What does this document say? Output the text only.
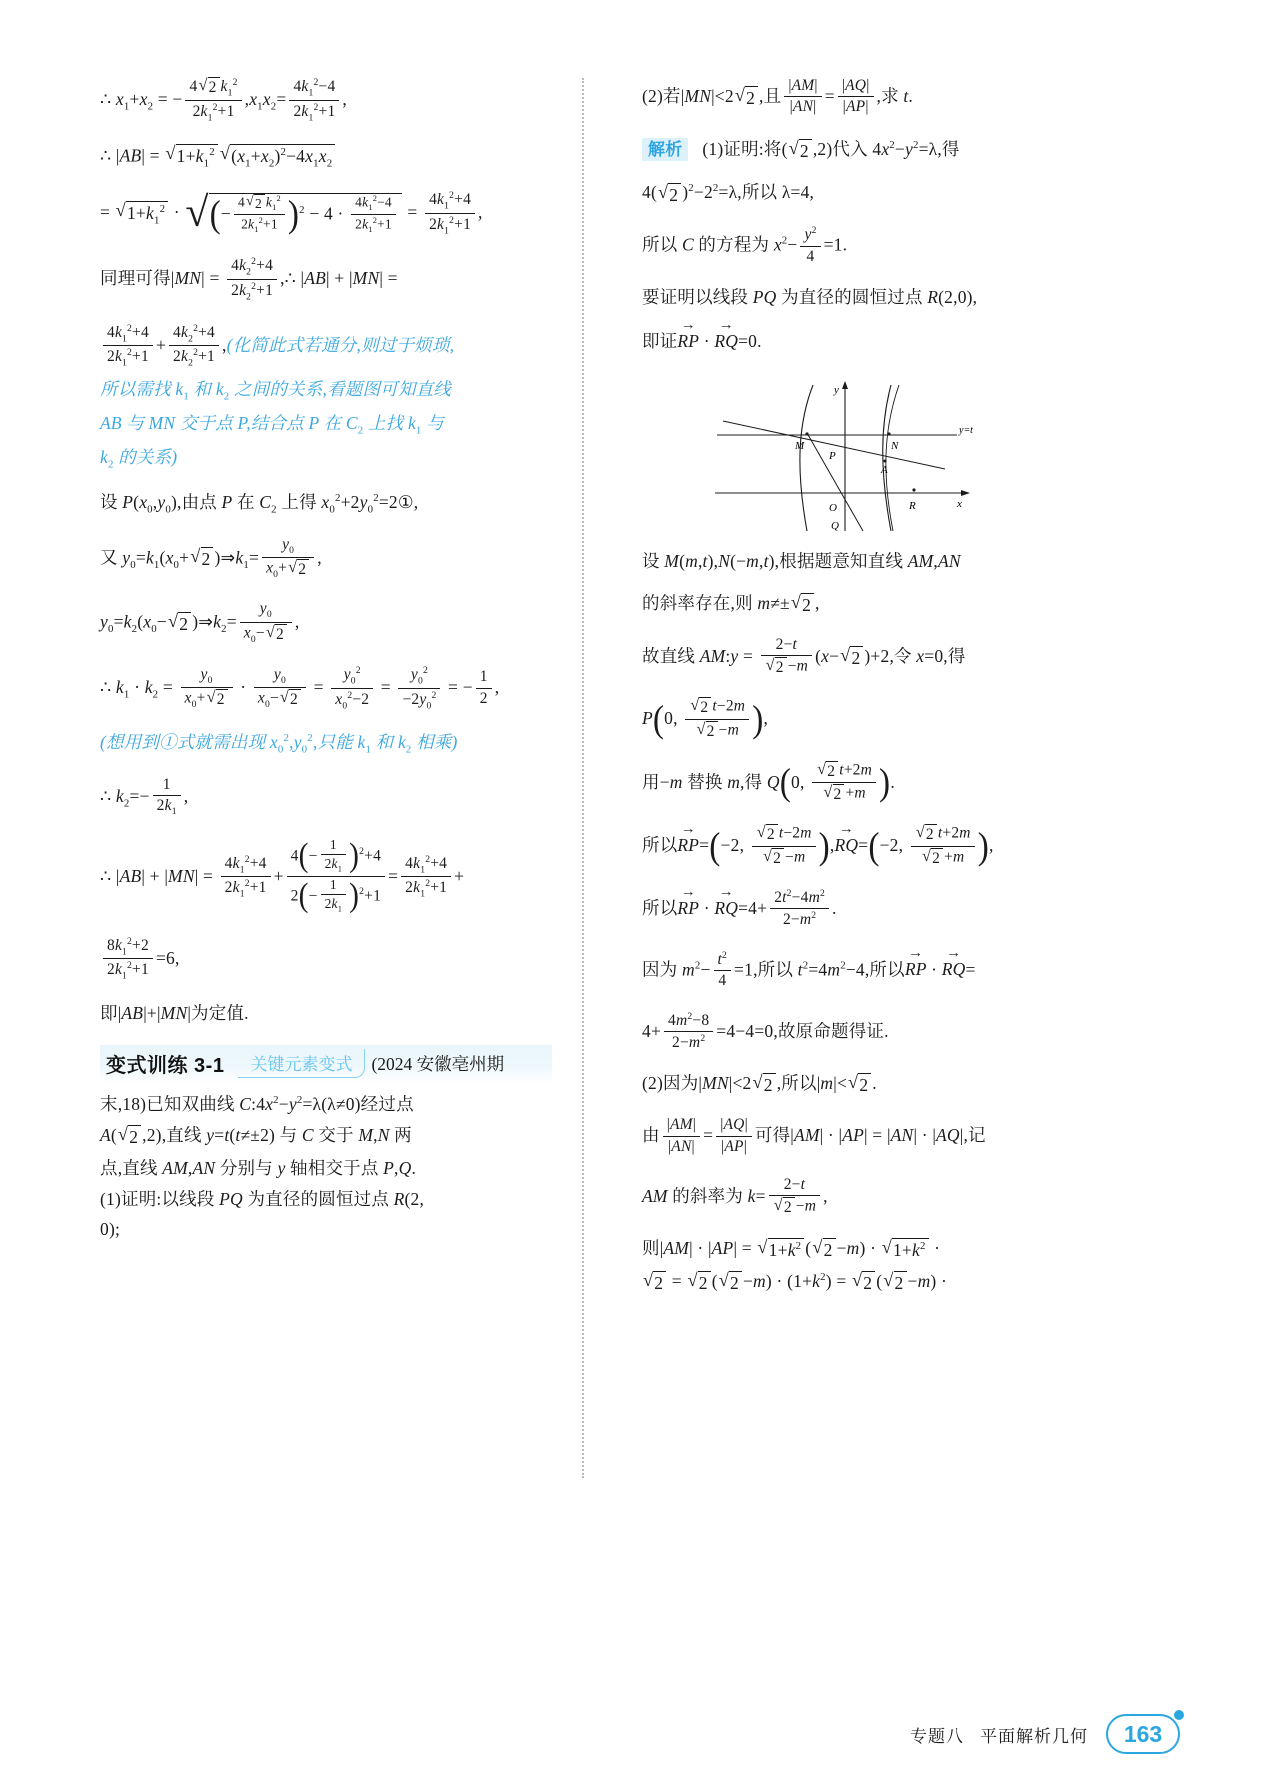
∴ $x_1+x_2$ = − $\frac{4 √ 2 k_1^2}{2k_1^2+1} ,x_1x_2= \frac{4k_1^2-4}{2k_1^2+1}$ ,

∴ |AB| = √ $1+k_1^2$ √ $(x_1+x_2)^2-4x_1x_2$

= √ $1+k_1^2$ · √ (− $\frac{4 √ 2 k_1^2}{2k_1^2+1} )^2 - 4 \cdot \frac{4k_1^2-4}{2k_1^2+1} = \frac{4k_1^2+4}{2k_1^2+1}$ ,

同理可得$|MN| = \frac{4k_2^2+4}{2k_2^2+1}$ ,∴ |AB| + |MN| =

$\frac{4k_1^2+4}{2k_1^2+1} + \frac{4k_2^2+4}{2k_2^2+1}$ ,(化简此式若通分,则过于烦琐,

所以需找 $k_1$ 和 $k_2$ 之间的关系,看题图可知直线

AB 与 MN 交于点 P,结合点 P 在 $C_2$ 上找 $k_1$ 与

$k_2$ 的关系)

设 $P(x_0,y_0)$,由点 P 在 $C_2$ 上得 $x_0^2+2y_0^2=2①$,

又 $y_0=k_1(x_0+$ √ 2 )$\Rightarrow k_1= \frac{y_0}{x_0+ √ 2}$ ,

$y_0=k_2(x_0-$ √ 2 )$\Rightarrow k_2= \frac{y_0}{x_0- √ 2}$ ,

∴ $k_1 \cdot k_2 = \frac{y_0}{x_0+ √ 2} \cdot \frac{y_0}{x_0- √ 2} = \frac{y_0^2}{x_0^2-2} = \frac{y_0^2}{-2y_0^2}$ = − $\frac{1}{2}$ ,

(想用到①式就需出现 $x_0^2,y_0^2$,只能 $k_1$ 和 $k_2$ 相乘)

∴ $k_2=- \frac{1}{2k_1}$ ,

∴ $|AB| + |MN| = \frac{4k_1^2+4}{2k_1^2+1} + \frac{4(- \frac{1}{2k_1} )^2+4}{2(- \frac{1}{2k_1} )^2+1} = \frac{4k_1^2+4}{2k_1^2+1}$ +

$\frac{8k_1^2+2}{2k_1^2+1} =6$,

即|AB|+|MN|为定值.

变式训练 3-1	关键元素变式	(2024 安徽亳州期

末,18)已知双曲线 $C:4x^2-y^2=\lambda(\lambda\ne 0)$经过点

A( √ 2 ,2),直线 y=t(t≠±2) 与 C 交于 M,N 两

点,直线 AM,AN 分别与 y 轴相交于点 P,Q.

(1)证明:以线段 PQ 为直径的圆恒过点 R(2,

0);

(2)若|MN|<2 √ 2 ,且 $\frac{|AM|}{|AN|} = \frac{|AQ|}{|AP|}$ ,求 t.

解析 (1)证明:将( √ 2 ,2)代入 $4x^2-y^2=\lambda$,得

4( √ 2 )$^2-2^2=\lambda$,所以 λ=4,

所以 C 的方程为 $x^2- \frac{y^2}{4} =1$.

要证明以线段 PQ 为直径的圆恒过点 R(2,0),

即证→ RP · → RQ=0.

y
x
y=t
M	N
P
A
O	R
Q

设 M(m,t),N(−m,t),根据题意知直线 AM,AN

的斜率存在,则 m≠± √ 2 ,

故直线 AM:y = $\frac{2-t}{√ 2 -m} (x-$ √ 2 )+2,令 x=0,得

P(0, $\frac{√ 2 t-2m}{√ 2 -m}$ ),

用−m 替换 m,得 Q(0, $\frac{√ 2 t+2m}{√ 2 +m}$ ).

所以→ RP=(−2, $\frac{√ 2 t-2m}{√ 2 -m}$ ),→ RQ=(−2, $\frac{√ 2 t+2m}{√ 2 +m}$ ),

所以→ RP · → $RQ=4+ \frac{2t^2-4m^2}{2-m^2}$ .

因为 $m^2- \frac{t^2}{4} =1$,所以 $t^2=4m^2-4$,所以→ RP · → RQ=

$4+ \frac{4m^2-8}{2-m^2} =4-4=0$,故原命题得证.

(2)因为|MN|<2 √ 2 ,所以|m|< √ 2 .

由 $\frac{|AM|}{|AN|} = \frac{|AQ|}{|AP|}$ 可得|AM| · |AP| = |AN| · |AQ|,记

AM 的斜率为 $k= \frac{2-t}{√ 2 -m}$ ,

则|AM| · |AP| = √ $1+k^2$ ( √ 2 −m) · √ $1+k^2$ ·

√ 2 = √ 2 ( √ $2 -m) \cdot (1+k^2)$ = √ 2 ( √ 2 −m) ·

专题八 平面解析几何 163
